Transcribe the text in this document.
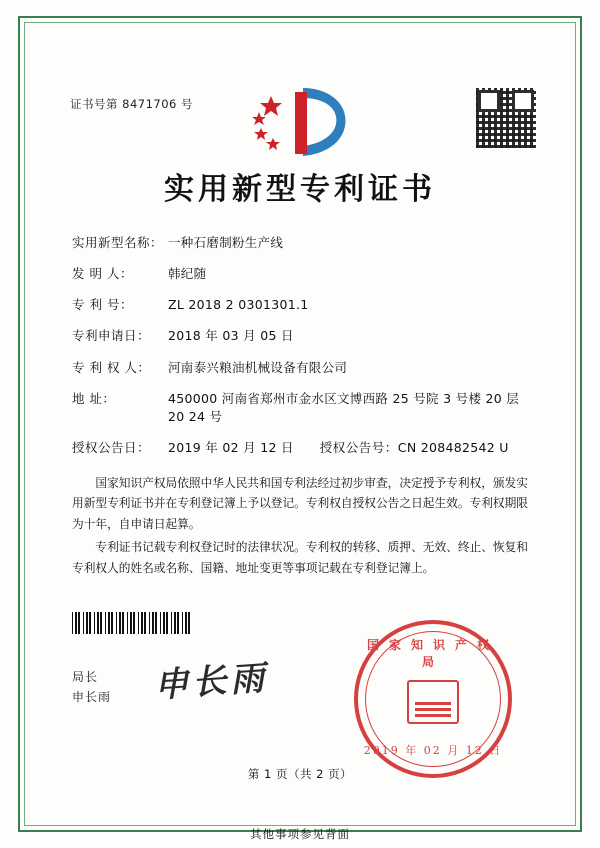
证书号第 8471706 号
实用新型专利证书
实用新型名称： 一种石磨制粉生产线
发 明 人：	韩纪随
专 利 号：	ZL 2018 2 0301301.1
专利申请日：	2018 年 03 月 05 日
专 利 权 人：	河南泰兴粮油机械设备有限公司
地 址：	450000 河南省郑州市金水区文博西路 25 号院 3 号楼 20 层 20 24 号
授权公告日：	2019 年 02 月 12 日 授权公告号： CN 208482542 U

国家知识产权局依照中华人民共和国专利法经过初步审查，决定授予专利权，颁发实用新型专利证书并在专利登记簿上予以登记。专利权自授权公告之日起生效。专利权期限为十年，自申请日起算。

专利证书记载专利权登记时的法律状况。专利权的转移、质押、无效、终止、恢复和专利权人的姓名或名称、国籍、地址变更等事项记载在专利登记簿上。

局长
申长雨 申长雨
国家知识产权局
2019 年 02 月 12 日
第 1 页（共 2 页）
其他事项参见背面
